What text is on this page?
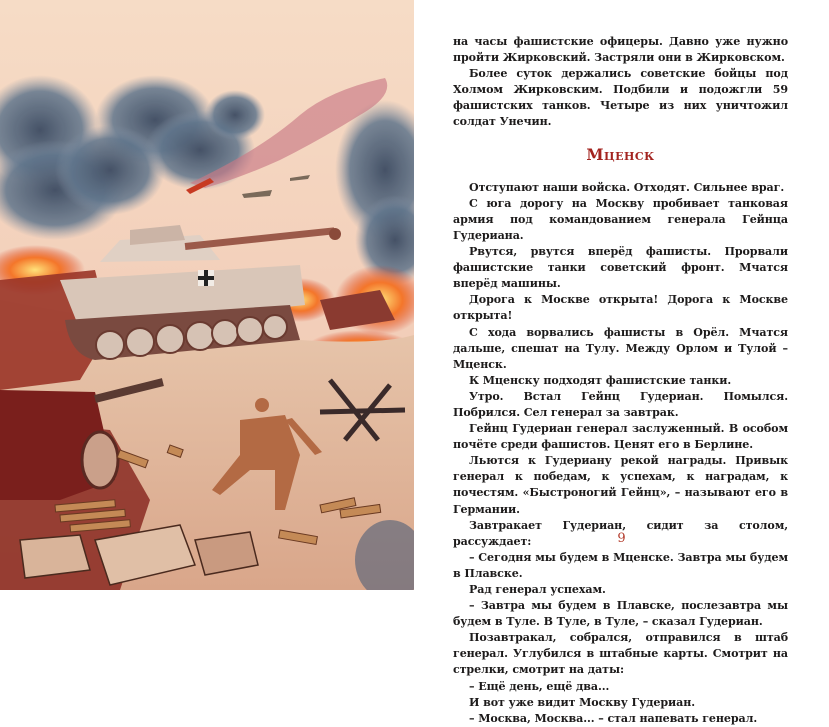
на часы фашистские офицеры. Давно уже нужно пройти Жирковский. Застряли они в Жирковском.

Более суток держались советские бойцы под Холмом Жирковским. Подбили и подожгли 59 фашистских танков. Четыре из них уничтожил солдат Унечин.

Мценск

Отступают наши войска. Отходят. Сильнее враг.

С юга дорогу на Москву пробивает танковая армия под командованием генерала Гейнца Гудериана.

Рвутся, рвутся вперёд фашисты. Прорвали фашистские танки советский фронт. Мчатся вперёд машины.

Дорога к Москве открыта! Дорога к Москве открыта!

С хода ворвались фашисты в Орёл. Мчатся дальше, спешат на Тулу. Между Орлом и Тулой – Мценск.

К Мценску подходят фашистские танки.

Утро. Встал Гейнц Гудериан. Помылся. Побрился. Сел генерал за завтрак.

Гейнц Гудериан генерал заслуженный. В особом почёте среди фашистов. Ценят его в Берлине.

Льются к Гудериану рекой награды. Привык генерал к победам, к успехам, к наградам, к почестям. «Быстроногий Гейнц», – называют его в Германии.

Завтракает Гудериан, сидит за столом, рассуждает:

– Сегодня мы будем в Мценске. Завтра мы будем в Плавске.

Рад генерал успехам.

– Завтра мы будем в Плавске, послезавтра мы будем в Туле. В Туле, в Туле, – сказал Гудериан.

Позавтракал, собрался, отправился в штаб генерал. Углубился в штабные карты. Смотрит на стрелки, смотрит на даты:

– Ещё день, ещё два...

И вот уже видит Москву Гудериан.

– Москва, Москва... – стал напевать генерал.

9
